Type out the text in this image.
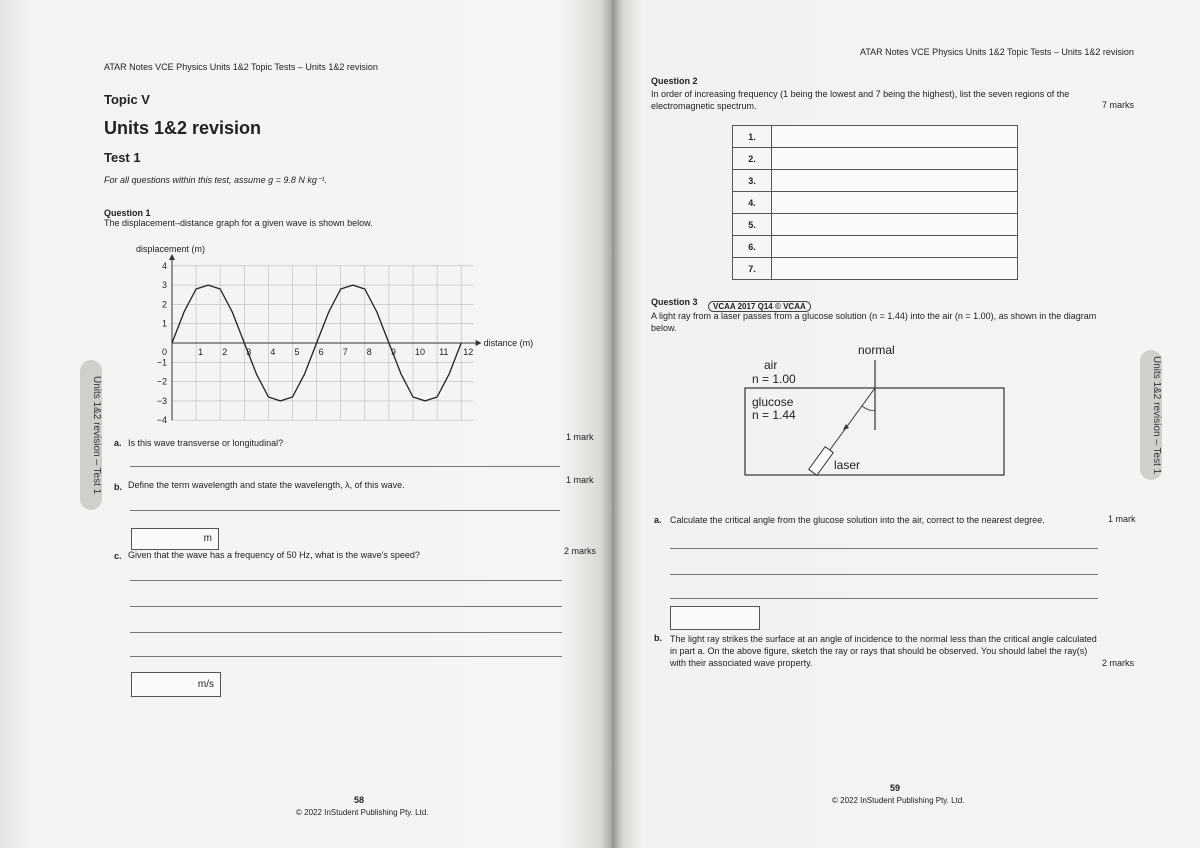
ATAR Notes VCE Physics Units 1&2 Topic Tests – Units 1&2 revision
Topic V
Units 1&2 revision
Test 1
For all questions within this test, assume g = 9.8 N kg⁻¹.
Question 1
The displacement–distance graph for a given wave is shown below.
displacement (m)
4
3
2
1
−1
−2
−3
−4
0	1 2 3 4 5 6 7 8 9 10 11 12
distance (m)
a. Is this wave transverse or longitudinal?
1 mark
b. Define the term wavelength and state the wavelength, λ, of this wave.	1 mark
m
c. Given that the wave has a frequency of 50 Hz, what is the wave's speed?	2 marks
m/s
Units 1&2 revision – Test 1
58
© 2022 InStudent Publishing Pty. Ltd.
ATAR Notes VCE Physics Units 1&2 Topic Tests – Units 1&2 revision
Question 2
In order of increasing frequency (1 being the lowest and 7 being the highest), list the seven regions of the electromagnetic spectrum.	7 marks
1.	
2.	
3.	
4.	
5.	
6.	
7.	
Question 3	VCAA 2017 Q14 © VCAA
A light ray from a laser passes from a glucose solution (n = 1.44) into the air (n = 1.00), as shown in the diagram below.
normal
air
n = 1.00
glucose
n = 1.44
laser
a. Calculate the critical angle from the glucose solution into the air, correct to the nearest degree.	1 mark
b. The light ray strikes the surface at an angle of incidence to the normal less than the critical angle calculated in part a. On the above figure, sketch the ray or rays that should be observed. You should label the ray(s) with their associated wave property.	2 marks
Units 1&2 revision – Test 1
59
© 2022 InStudent Publishing Pty. Ltd.
